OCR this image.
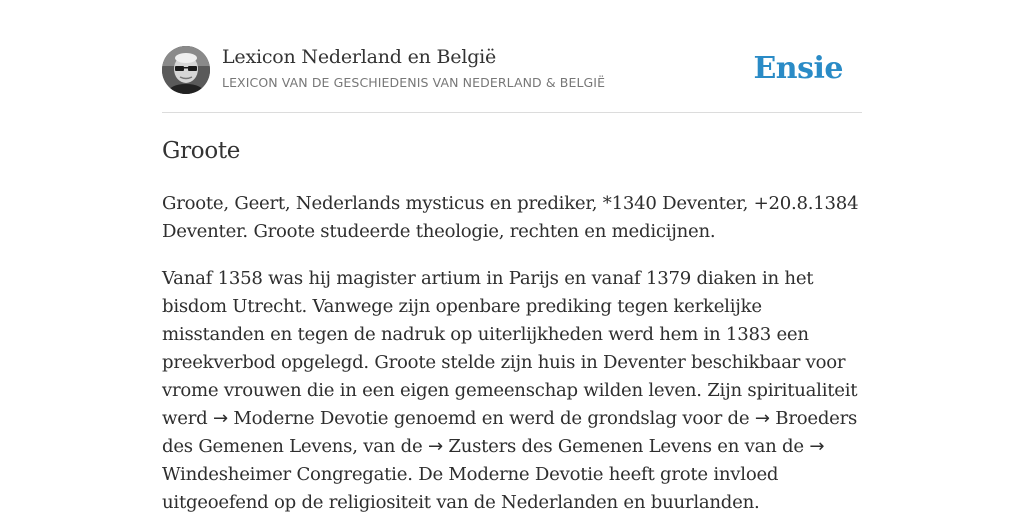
Lexicon Nederland en België
LEXICON VAN DE GESCHIEDENIS VAN NEDERLAND & BELGIË	Ensie
Groote

Groote, Geert, Nederlands mysticus en prediker, *1340 Deventer, +20.8.1384 Deventer. Groote studeerde theologie, rechten en medicijnen.

Vanaf 1358 was hij magister artium in Parijs en vanaf 1379 diaken in het bisdom Utrecht. Vanwege zijn openbare prediking tegen kerkelijke misstanden en tegen de nadruk op uiterlijkheden werd hem in 1383 een preekverbod opgelegd. Groote stelde zijn huis in Deventer beschikbaar voor vrome vrouwen die in een eigen gemeenschap wilden leven. Zijn spiritualiteit werd → Moderne Devotie genoemd en werd de grondslag voor de → Broeders des Gemenen Levens, van de → Zusters des Gemenen Levens en van de → Windesheimer Congregatie. De Moderne Devotie heeft grote invloed uitgeoefend op de religiositeit van de Nederlanden en buurlanden.
